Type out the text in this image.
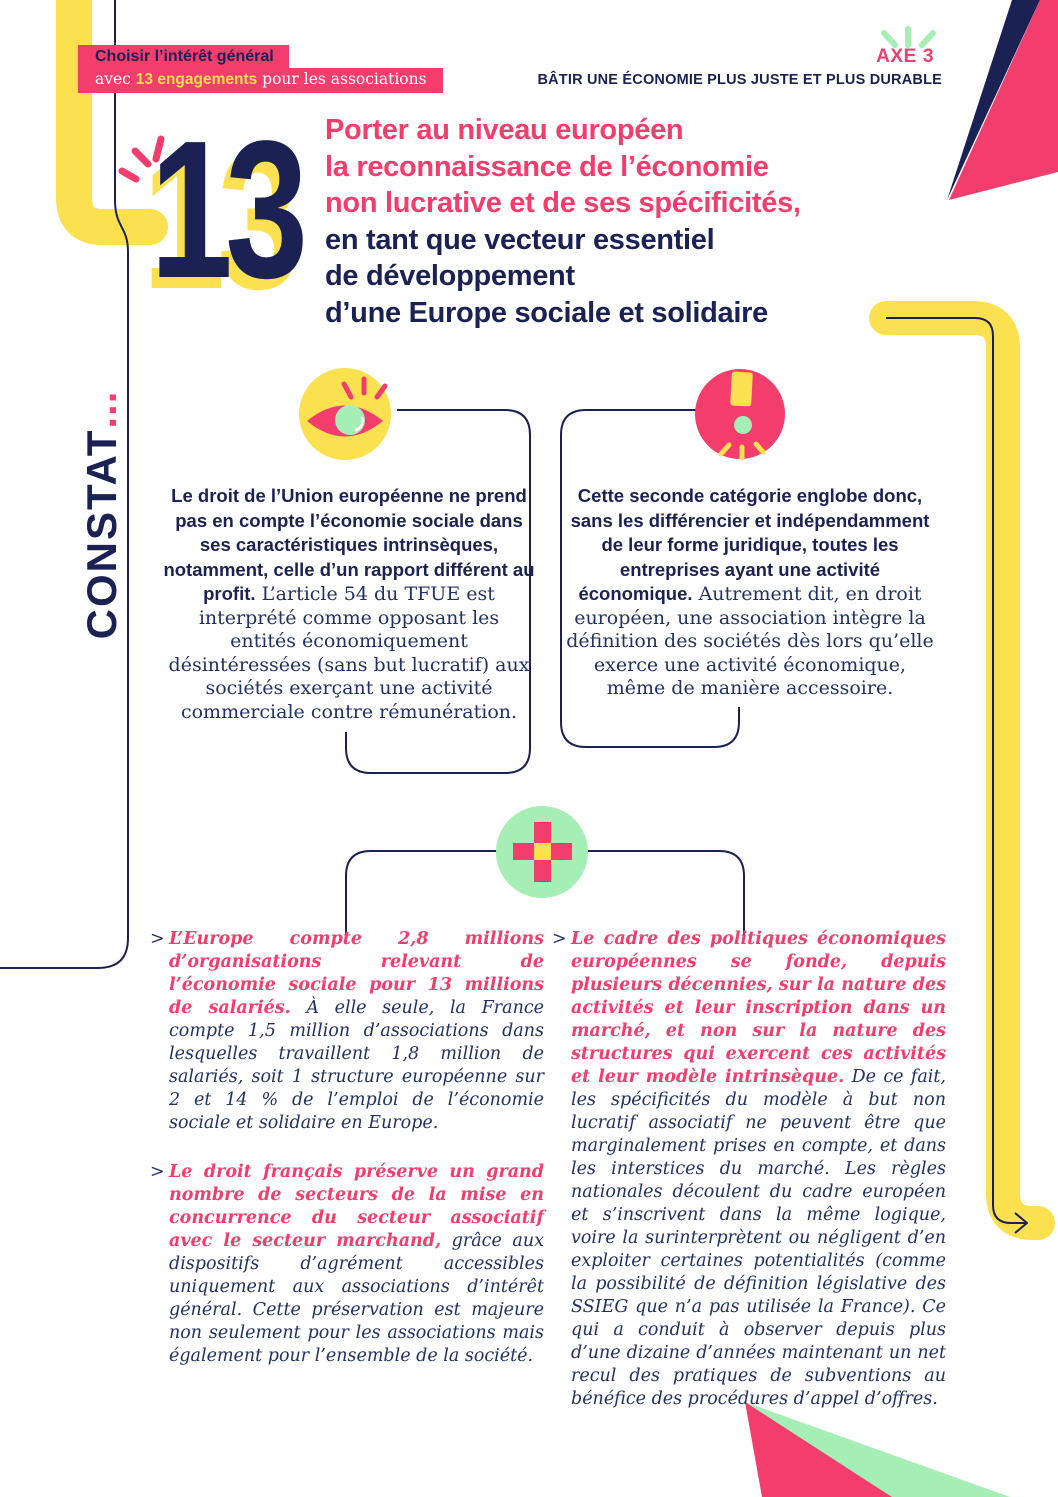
Choisir l’intérêt général
avec 13 engagements pour les associations
AXE 3
BÂTIR UNE ÉCONOMIE PLUS JUSTE ET PLUS DURABLE
13 Porter au niveau européen
la reconnaissance de l’économie
non lucrative et de ses spécificités,
en tant que vecteur essentiel
de développement
d’une Europe sociale et solidaire
CONSTAT...
Le droit de l’Union européenne ne prend pas en compte l’économie sociale dans ses caractéristiques intrinsèques, notamment, celle d’un rapport différent au profit. L’article 54 du TFUE est interprété comme opposant les entités économiquement désintéressées (sans but lucratif) aux sociétés exerçant une activité commerciale contre rémunération.
Cette seconde catégorie englobe donc, sans les différencier et indépendamment de leur forme juridique, toutes les entreprises ayant une activité économique. Autrement dit, en droit européen, une association intègre la définition des sociétés dès lors qu’elle exerce une activité économique, même de manière accessoire.
> L’Europe compte 2,8 millions d’organisations relevant de l’économie sociale pour 13 millions de salariés. À elle seule, la France compte 1,5 million d’associations dans lesquelles travaillent 1,8 million de salariés, soit 1 structure européenne sur 2 et 14 % de l’emploi de l’économie sociale et solidaire en Europe.
> Le droit français préserve un grand nombre de secteurs de la mise en concurrence du secteur associatif avec le secteur marchand, grâce aux dispositifs d’agrément accessibles uniquement aux associations d’intérêt général. Cette préservation est majeure non seulement pour les associations mais également pour l’ensemble de la société.
> Le cadre des politiques économiques européennes se fonde, depuis plusieurs décennies, sur la nature des activités et leur inscription dans un marché, et non sur la nature des structures qui exercent ces activités et leur modèle intrinsèque. De ce fait, les spécificités du modèle à but non lucratif associatif ne peuvent être que marginalement prises en compte, et dans les interstices du marché. Les règles nationales découlent du cadre européen et s’inscrivent dans la même logique, voire la surinterprètent ou négligent d’en exploiter certaines potentialités (comme la possibilité de définition législative des SSIEG que n’a pas utilisée la France). Ce qui a conduit à observer depuis plus d’une dizaine d’années maintenant un net recul des pratiques de subventions au bénéfice des procédures d’appel d’offres.
